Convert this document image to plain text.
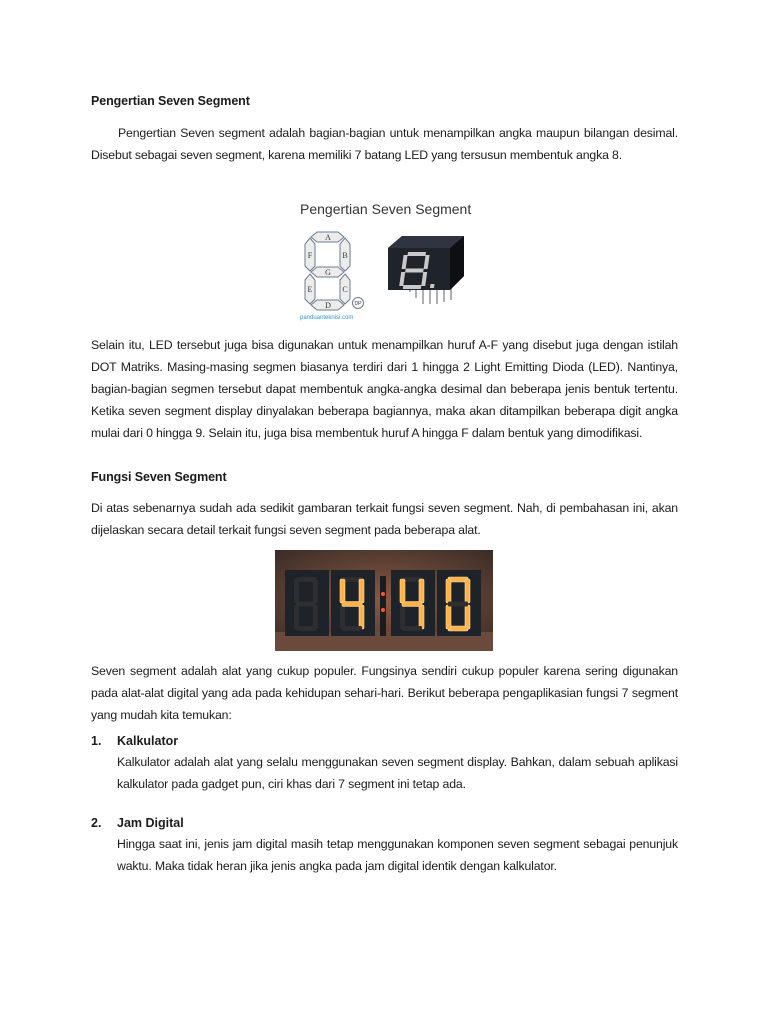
Pengertian Seven Segment

Pengertian Seven segment adalah bagian-bagian untuk menampilkan angka maupun bilangan desimal. Disebut sebagai seven segment, karena memiliki 7 batang LED yang tersusun membentuk angka 8.

A
B
C
D
E
F
G
DP
panduanteknisi.com
Pengertian Seven Segment

Selain itu, LED tersebut juga bisa digunakan untuk menampilkan huruf A-F yang disebut juga dengan istilah DOT Matriks. Masing-masing segmen biasanya terdiri dari 1 hingga 2 Light Emitting Dioda (LED). Nantinya, bagian-bagian segmen tersebut dapat membentuk angka-angka desimal dan beberapa jenis bentuk tertentu. Ketika seven segment display dinyalakan beberapa bagiannya, maka akan ditampilkan beberapa digit angka mulai dari 0 hingga 9. Selain itu, juga bisa membentuk huruf A hingga F dalam bentuk yang dimodifikasi.

Fungsi Seven Segment

Di atas sebenarnya sudah ada sedikit gambaran terkait fungsi seven segment. Nah, di pembahasan ini, akan dijelaskan secara detail terkait fungsi seven segment pada beberapa alat.

Seven segment adalah alat yang cukup populer. Fungsinya sendiri cukup populer karena sering digunakan pada alat-alat digital yang ada pada kehidupan sehari-hari. Berikut beberapa pengaplikasian fungsi 7 segment yang mudah kita temukan:

1. Kalkulator

Kalkulator adalah alat yang selalu menggunakan seven segment display. Bahkan, dalam sebuah aplikasi kalkulator pada gadget pun, ciri khas dari 7 segment ini tetap ada.

2. Jam Digital

Hingga saat ini, jenis jam digital masih tetap menggunakan komponen seven segment sebagai penunjuk waktu. Maka tidak heran jika jenis angka pada jam digital identik dengan kalkulator.
